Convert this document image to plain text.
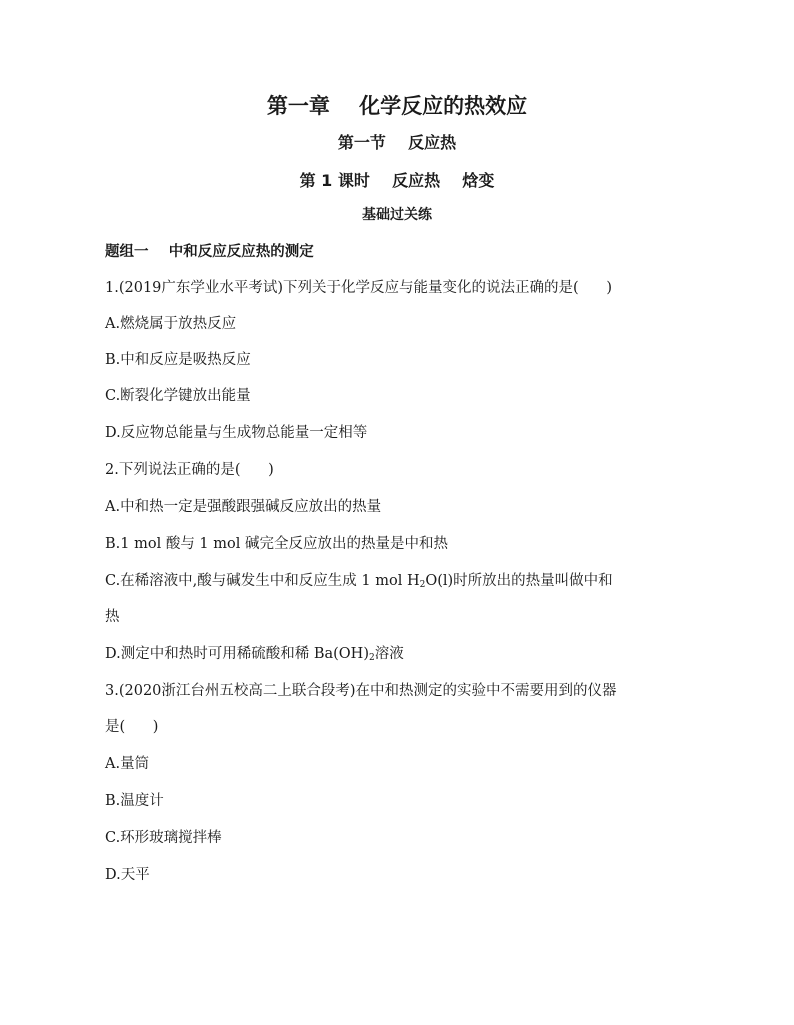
第一章    化学反应的热效应
第一节    反应热
第 1 课时    反应热    焓变
基础过关练

题组一    中和反应反应热的测定

1.(2019广东学业水平考试)下列关于化学反应与能量变化的说法正确的是(      )

A.燃烧属于放热反应

B.中和反应是吸热反应

C.断裂化学键放出能量

D.反应物总能量与生成物总能量一定相等

2.下列说法正确的是(      )

A.中和热一定是强酸跟强碱反应放出的热量

B.1 mol 酸与 1 mol 碱完全反应放出的热量是中和热

C.在稀溶液中,酸与碱发生中和反应生成 1 mol $H_2O(l)$时所放出的热量叫做中和

热

D.测定中和热时可用稀硫酸和稀 $Ba(OH)_2$溶液

3.(2020浙江台州五校高二上联合段考)在中和热测定的实验中不需要用到的仪器

是(      )

A.量筒

B.温度计

C.环形玻璃搅拌棒

D.天平
